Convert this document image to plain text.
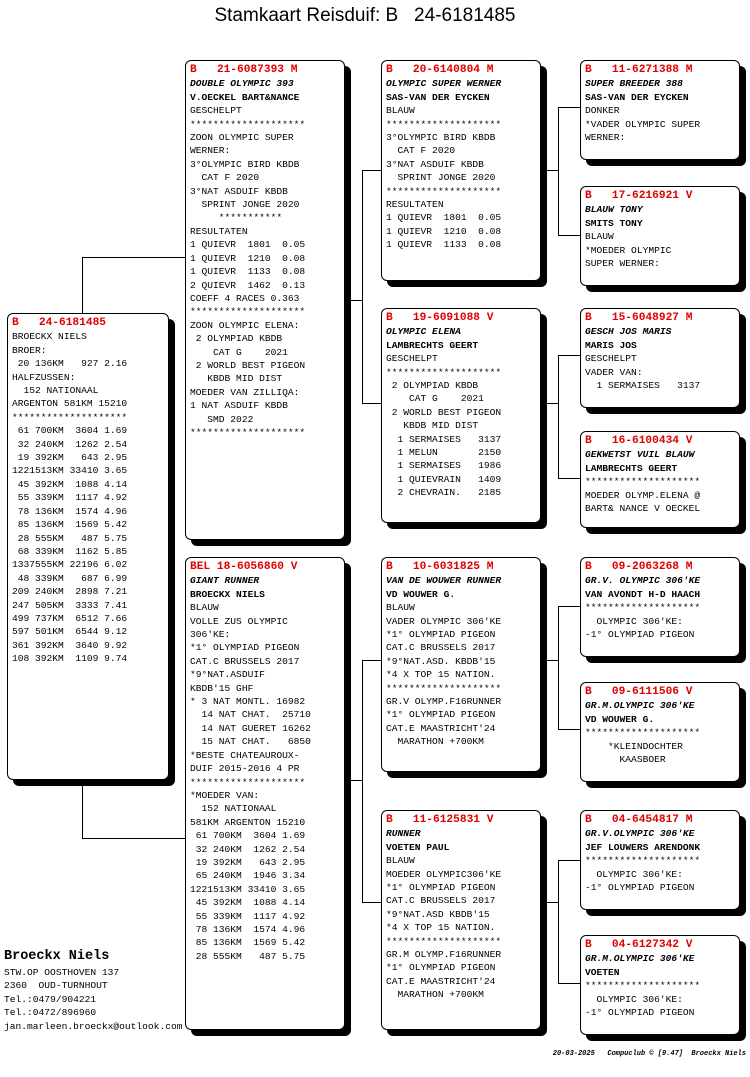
Stamkaart Reisduif: B   24-6181485
B   24-6181485
BROECKX NIELS
BROER:
20 136KM   927 2.16
HALFZUSSEN:
152 NATIONAAL
ARGENTON 581KM 15210
********************
61 700KM  3604 1.69
32 240KM  1262 2.54
19 392KM   643 2.95
1221513KM 33410 3.65
45 392KM  1088 4.14
55 339KM  1117 4.92
78 136KM  1574 4.96
85 136KM  1569 5.42
28 555KM   487 5.75
68 339KM  1162 5.85
1337555KM 22196 6.02
48 339KM   687 6.99
209 240KM  2898 7.21
247 505KM  3333 7.41
499 737KM  6512 7.66
597 501KM  6544 9.12
361 392KM  3640 9.92
108 392KM  1109 9.74
B   21-6087393 M
DOUBLE OLYMPIC 393
V.OECKEL BART&NANCE
GESCHELPT
********************
ZOON OLYMPIC SUPER
WERNER:
3°OLYMPIC BIRD KBDB
CAT F 2020
3°NAT ASDUIF KBDB
SPRINT JONGE 2020
***********
RESULTATEN
1 QUIEVR  1801  0.05
1 QUIEVR  1210  0.08
1 QUIEVR  1133  0.08
2 QUIEVR  1462  0.13
COEFF 4 RACES 0.363
********************
ZOON OLYMPIC ELENA:
2 OLYMPIAD KBDB
CAT G    2021
2 WORLD BEST PIGEON
KBDB MID DIST
MOEDER VAN ZILLIQA:
1 NAT ASDUIF KBDB
SMD 2022
********************
BEL 18-6056860 V
GIANT RUNNER
BROECKX NIELS
BLAUW
VOLLE ZUS OLYMPIC
306'KE:
*1° OLYMPIAD PIGEON
CAT.C BRUSSELS 2017
*9°NAT.ASDUIF
KBDB'15 GHF
* 3 NAT MONTL. 16982
14 NAT CHAT.  25710
14 NAT GUERET 16262
15 NAT CHAT.   6850
*BESTE CHATEAUROUX-
DUIF 2015-2016 4 PR
********************
*MOEDER VAN:
152 NATIONAAL
581KM ARGENTON 15210
61 700KM  3604 1.69
32 240KM  1262 2.54
19 392KM   643 2.95
65 240KM  1946 3.34
1221513KM 33410 3.65
45 392KM  1088 4.14
55 339KM  1117 4.92
78 136KM  1574 4.96
85 136KM  1569 5.42
28 555KM   487 5.75
B   20-6140804 M
OLYMPIC SUPER WERNER
SAS-VAN DER EYCKEN
BLAUW
********************
3°OLYMPIC BIRD KBDB
CAT F 2020
3°NAT ASDUIF KBDB
SPRINT JONGE 2020
********************
RESULTATEN
1 QUIEVR  1801  0.05
1 QUIEVR  1210  0.08
1 QUIEVR  1133  0.08
B   19-6091088 V
OLYMPIC ELENA
LAMBRECHTS GEERT
GESCHELPT
********************
2 OLYMPIAD KBDB
CAT G    2021
2 WORLD BEST PIGEON
KBDB MID DIST
1 SERMAISES   3137
1 MELUN       2150
1 SERMAISES   1986
1 QUIEVRAIN   1409
2 CHEVRAIN.   2185
B   10-6031825 M
VAN DE WOUWER RUNNER
VD WOUWER G.
BLAUW
VADER OLYMPIC 306'KE
*1° OLYMPIAD PIGEON
CAT.C BRUSSELS 2017
*9°NAT.ASD. KBDB'15
*4 X TOP 15 NATION.
********************
GR.V OLYMP.F16RUNNER
*1° OLYMPIAD PIGEON
CAT.E MAASTRICHT'24
MARATHON +700KM
B   11-6125831 V
RUNNER
VOETEN PAUL
BLAUW
MOEDER OLYMPIC306'KE
*1° OLYMPIAD PIGEON
CAT.C BRUSSELS 2017
*9°NAT.ASD KBDB'15
*4 X TOP 15 NATION.
********************
GR.M OLYMP.F16RUNNER
*1° OLYMPIAD PIGEON
CAT.E MAASTRICHT'24
MARATHON +700KM
B   11-6271388 M
SUPER BREEDER 388
SAS-VAN DER EYCKEN
DONKER
*VADER OLYMPIC SUPER
WERNER:
B   17-6216921 V
BLAUW TONY
SMITS TONY
BLAUW
*MOEDER OLYMPIC
SUPER WERNER:
B   15-6048927 M
GESCH JOS MARIS
MARIS JOS
GESCHELPT
VADER VAN:
1 SERMAISES   3137
B   16-6100434 V
GEKWETST VUIL BLAUW
LAMBRECHTS GEERT
********************
MOEDER OLYMP.ELENA @
BART& NANCE V OECKEL
B   09-2063268 M
GR.V. OLYMPIC 306'KE
VAN AVONDT H-D HAACH
********************
OLYMPIC 306'KE:
-1° OLYMPIAD PIGEON
B   09-6111506 V
GR.M.OLYMPIC 306'KE
VD WOUWER G.
********************
*KLEINDOCHTER
KAASBOER
B   04-6454817 M
GR.V.OLYMPIC 306'KE
JEF LOUWERS ARENDONK
********************
OLYMPIC 306'KE:
-1° OLYMPIAD PIGEON
B   04-6127342 V
GR.M.OLYMPIC 306'KE
VOETEN
********************
OLYMPIC 306'KE:
-1° OLYMPIAD PIGEON
Broeckx Niels
STW.OP OOSTHOVEN 137
2360  OUD-TURNHOUT
Tel.:0479/904221
Tel.:0472/896960
jan.marleen.broeckx@outlook.com
20-03-2025   Compuclub © [9.47]  Broeckx Niels
